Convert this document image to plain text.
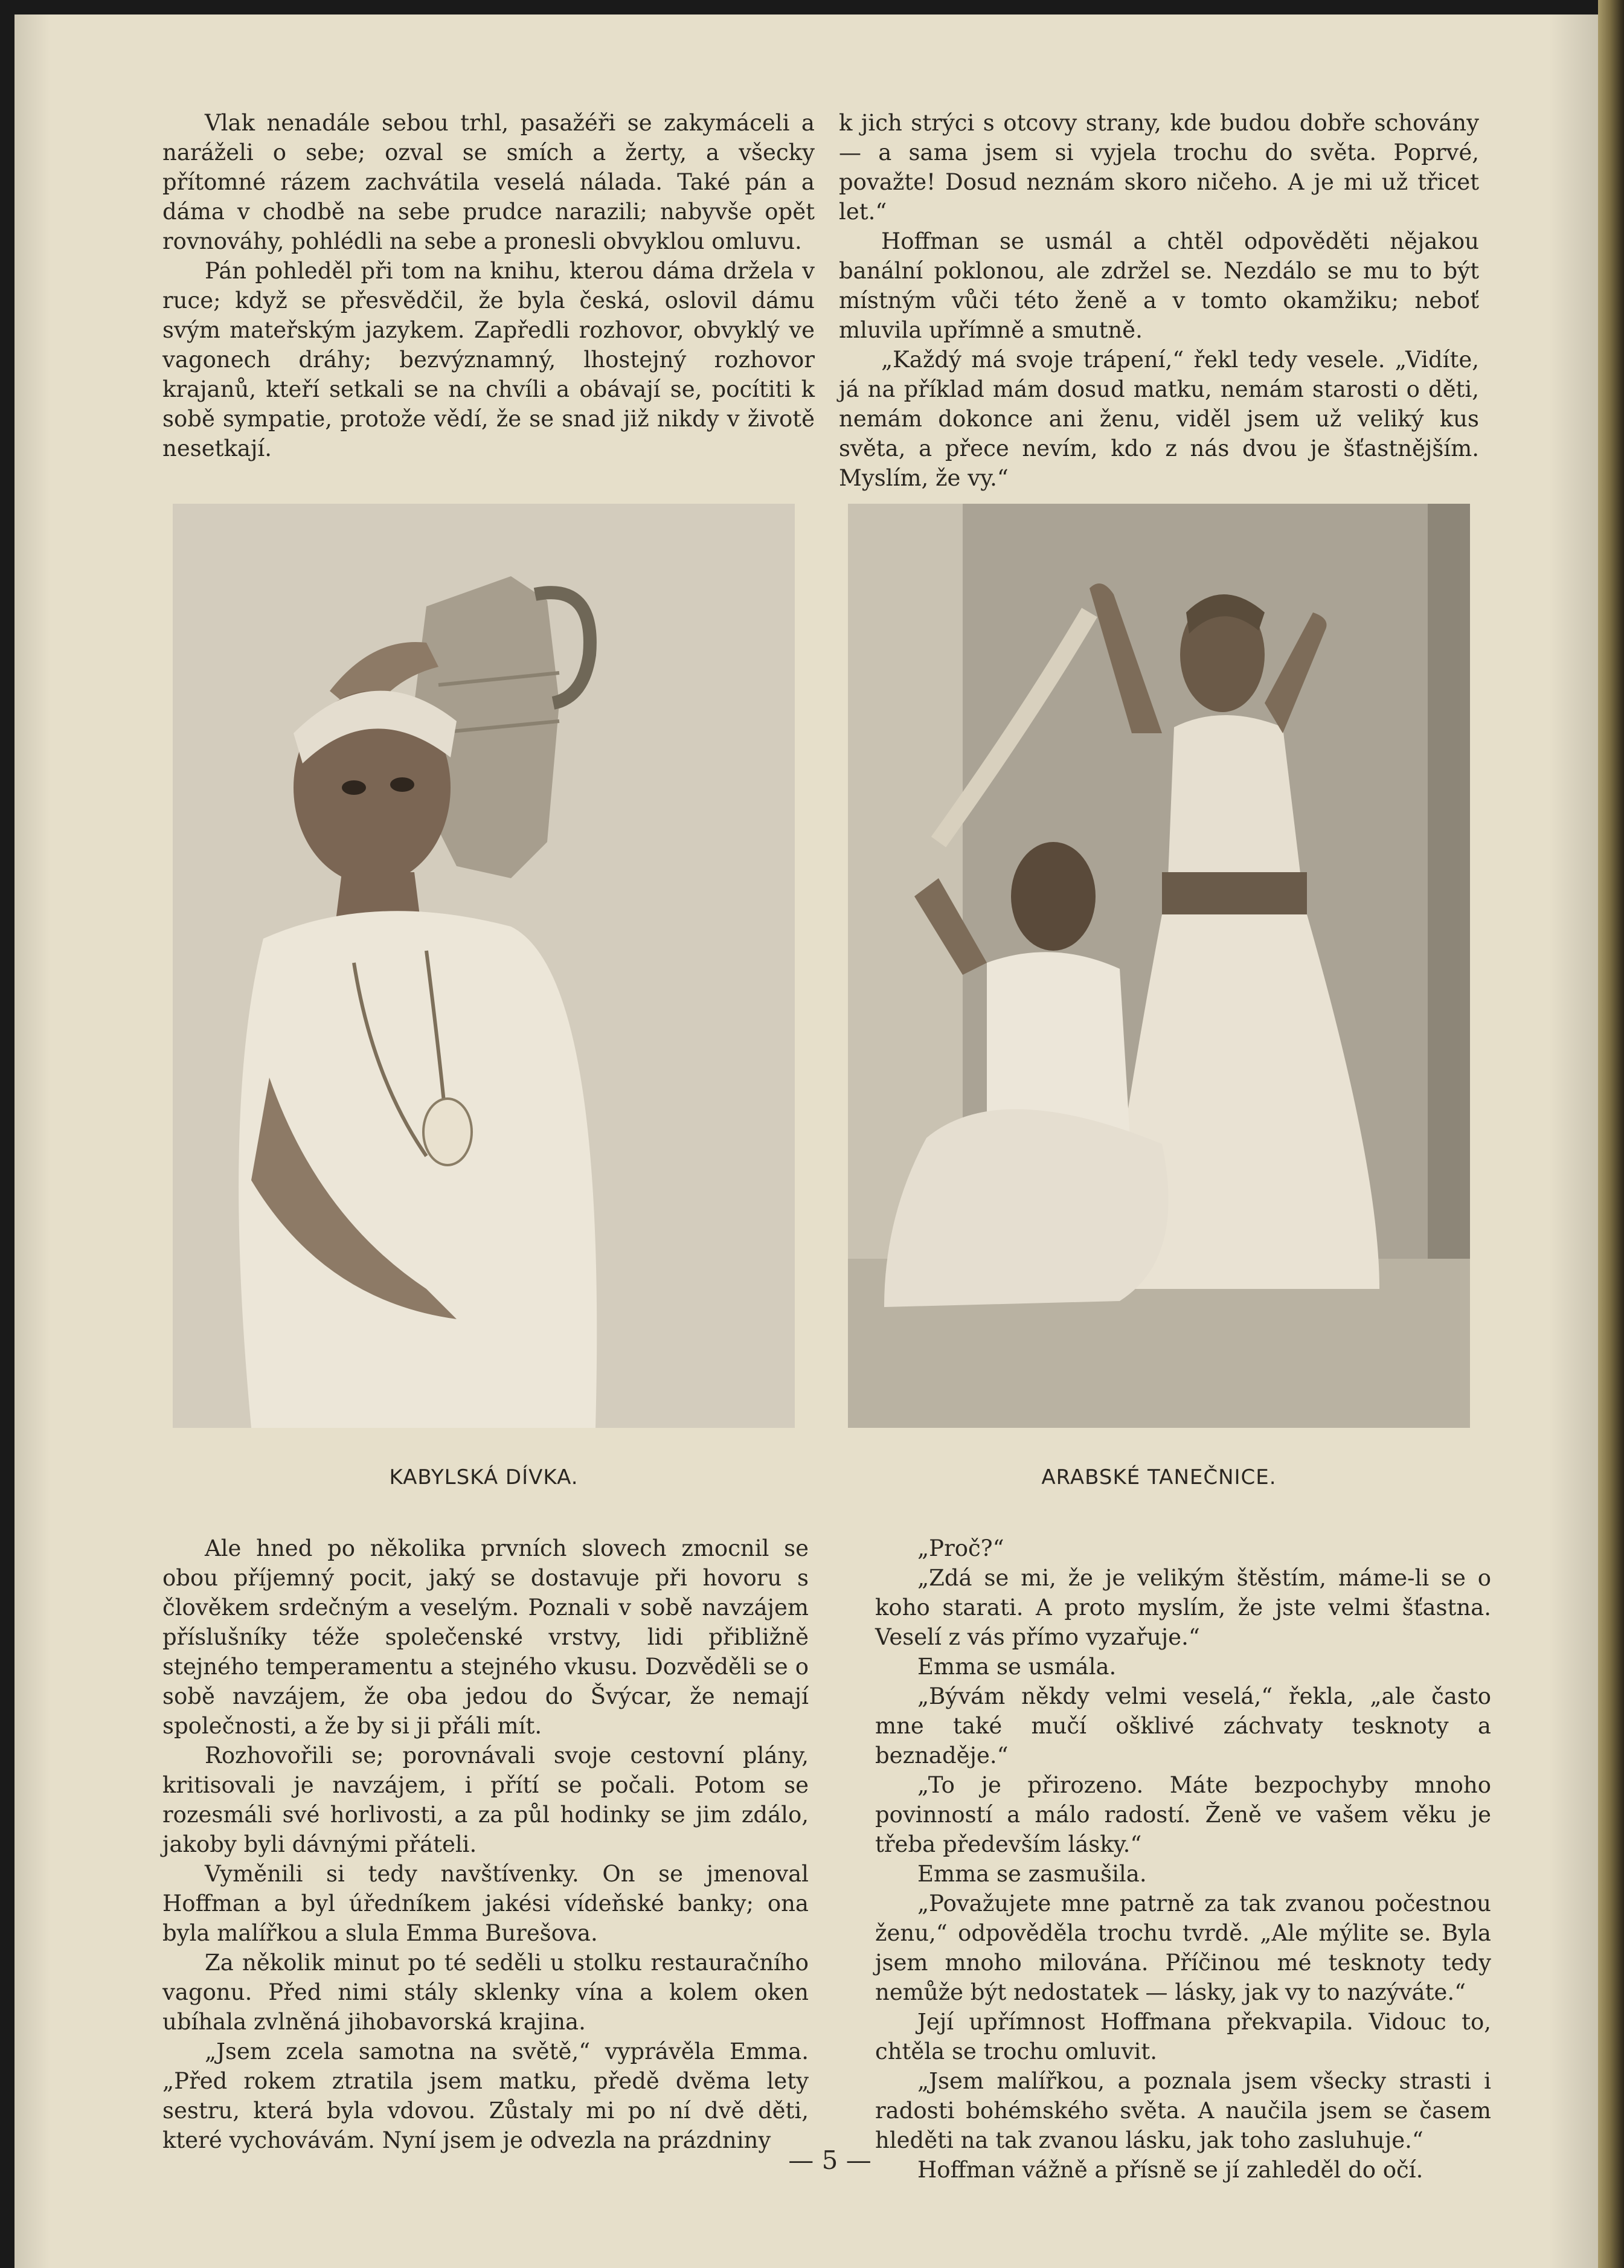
Vlak nenadále sebou trhl, pasažéři se zakymáceli a naráželi o sebe; ozval se smích a žerty, a všecky přítomné rázem zachvátila veselá nálada. Také pán a dáma v chodbě na sebe prudce narazili; nabyvše opět rovnováhy, pohlédli na sebe a pronesli obvyklou omluvu.

Pán pohleděl při tom na knihu, kterou dáma držela v ruce; když se přesvědčil, že byla česká, oslovil dámu svým mateřským jazykem. Zapředli rozhovor, obvyklý ve vagonech dráhy; bezvýznamný, lhostejný rozhovor krajanů, kteří setkali se na chvíli a obávají se, pocítiti k sobě sympatie, protože vědí, že se snad již nikdy v životě nesetkají.

k jich strýci s otcovy strany, kde budou dobře schovány — a sama jsem si vyjela trochu do světa. Poprvé, považte! Dosud neznám skoro ničeho. A je mi už třicet let.“

Hoffman se usmál a chtěl odpověděti nějakou banální poklonou, ale zdržel se. Nezdálo se mu to být místným vůči této ženě a v tomto okamžiku; neboť mluvila upřímně a smutně.

„Každý má svoje trápení,“ řekl tedy vesele. „Vidíte, já na příklad mám dosud matku, nemám starosti o děti, nemám dokonce ani ženu, viděl jsem už veliký kus světa, a přece nevím, kdo z nás dvou je šťastnějším. Myslím, že vy.“

KABYLSKÁ DÍVKA.	ARABSKÉ TANEČNICE.

Ale hned po několika prvních slovech zmocnil se obou příjemný pocit, jaký se dostavuje při hovoru s člověkem srdečným a veselým. Poznali v sobě navzájem příslušníky téže společenské vrstvy, lidi přibližně stejného temperamentu a stejného vkusu. Dozvěděli se o sobě navzájem, že oba jedou do Švýcar, že nemají společnosti, a že by si ji přáli mít.

Rozhovořili se; porovnávali svoje cestovní plány, kritisovali je navzájem, i přítí se počali. Potom se rozesmáli své horlivosti, a za půl hodinky se jim zdálo, jakoby byli dávnými přáteli.

Vyměnili si tedy navštívenky. On se jmenoval Hoffman a byl úředníkem jakési vídeňské banky; ona byla malířkou a slula Emma Burešova.

Za několik minut po té seděli u stolku restauračního vagonu. Před nimi stály sklenky vína a kolem oken ubíhala zvlněná jihobavorská krajina.

„Jsem zcela samotna na světě,“ vyprávěla Emma. „Před rokem ztratila jsem matku, předě dvěma lety sestru, která byla vdovou. Zůstaly mi po ní dvě děti, které vychovávám. Nyní jsem je odvezla na prázdniny

„Proč?“

„Zdá se mi, že je velikým štěstím, máme-li se o koho starati. A proto myslím, že jste velmi šťastna. Veselí z vás přímo vyzařuje.“

Emma se usmála.

„Bývám někdy velmi veselá,“ řekla, „ale často mne také mučí ošklivé záchvaty tesknoty a beznaděje.“

„To je přirozeno. Máte bezpochyby mnoho povinností a málo radostí. Ženě ve vašem věku je třeba především lásky.“

Emma se zasmušila.

„Považujete mne patrně za tak zvanou počestnou ženu,“ odpověděla trochu tvrdě. „Ale mýlite se. Byla jsem mnoho milována. Příčinou mé tesknoty tedy nemůže být nedostatek — lásky, jak vy to nazýváte.“

Její upřímnost Hoffmana překvapila. Vidouc to, chtěla se trochu omluvit.

„Jsem malířkou, a poznala jsem všecky strasti i radosti bohémského světa. A naučila jsem se časem hleděti na tak zvanou lásku, jak toho zasluhuje.“

Hoffman vážně a přísně se jí zahleděl do očí.

— 5 —
